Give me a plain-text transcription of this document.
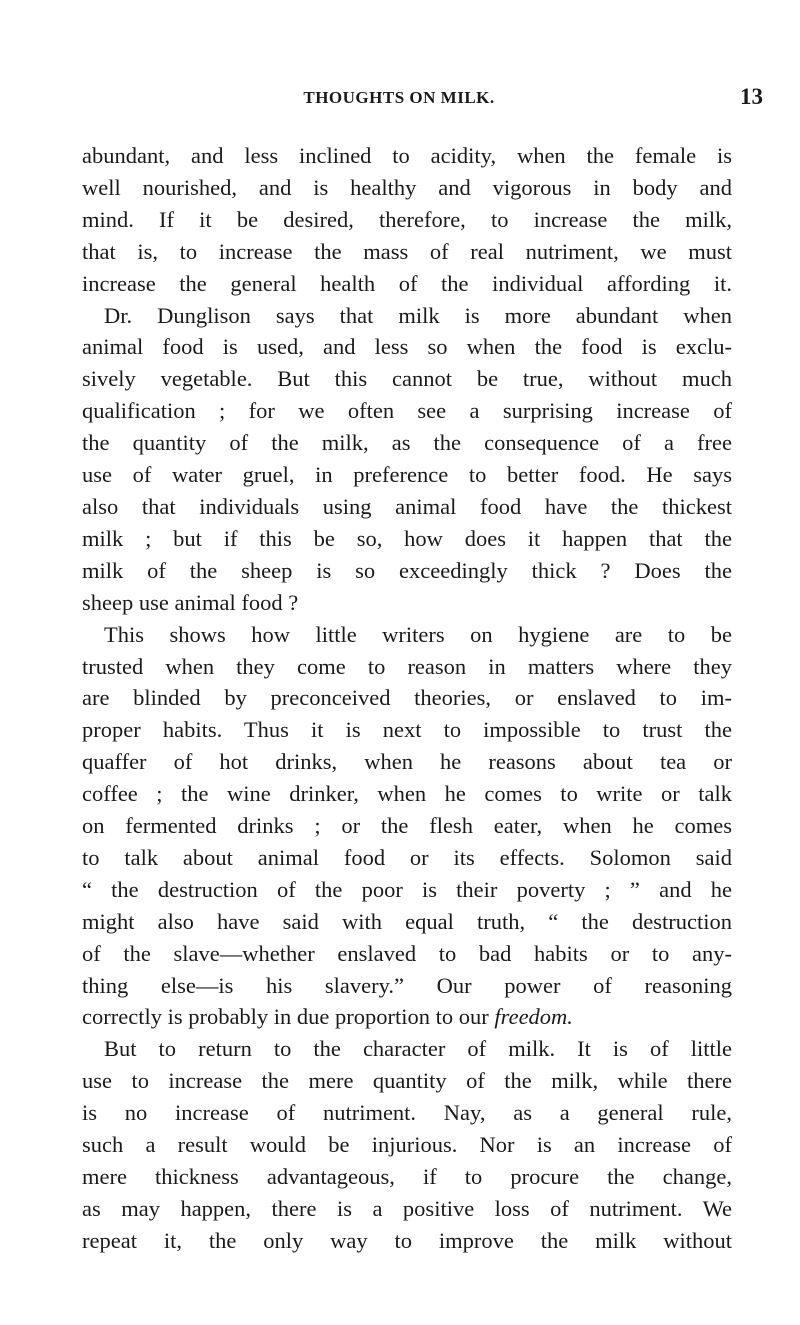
THOUGHTS ON MILK.	13
abundant, and less inclined to acidity, when the female is
well nourished, and is healthy and vigorous in body and
mind. If it be desired, therefore, to increase the milk,
that is, to increase the mass of real nutriment, we must
increase the general health of the individual affording it.
Dr. Dunglison says that milk is more abundant when
animal food is used, and less so when the food is exclu-
sively vegetable. But this cannot be true, without much
qualification ; for we often see a surprising increase of
the quantity of the milk, as the consequence of a free
use of water gruel, in preference to better food. He says
also that individuals using animal food have the thickest
milk ; but if this be so, how does it happen that the
milk of the sheep is so exceedingly thick ? Does the
sheep use animal food ?
This shows how little writers on hygiene are to be
trusted when they come to reason in matters where they
are blinded by preconceived theories, or enslaved to im-
proper habits. Thus it is next to impossible to trust the
quaffer of hot drinks, when he reasons about tea or
coffee ; the wine drinker, when he comes to write or talk
on fermented drinks ; or the flesh eater, when he comes
to talk about animal food or its effects. Solomon said
“ the destruction of the poor is their poverty ; ” and he
might also have said with equal truth, “ the destruction
of the slave—whether enslaved to bad habits or to any-
thing else—is his slavery.” Our power of reasoning
correctly is probably in due proportion to our freedom.
But to return to the character of milk. It is of little
use to increase the mere quantity of the milk, while there
is no increase of nutriment. Nay, as a general rule,
such a result would be injurious. Nor is an increase of
mere thickness advantageous, if to procure the change,
as may happen, there is a positive loss of nutriment. We
repeat it, the only way to improve the milk without
